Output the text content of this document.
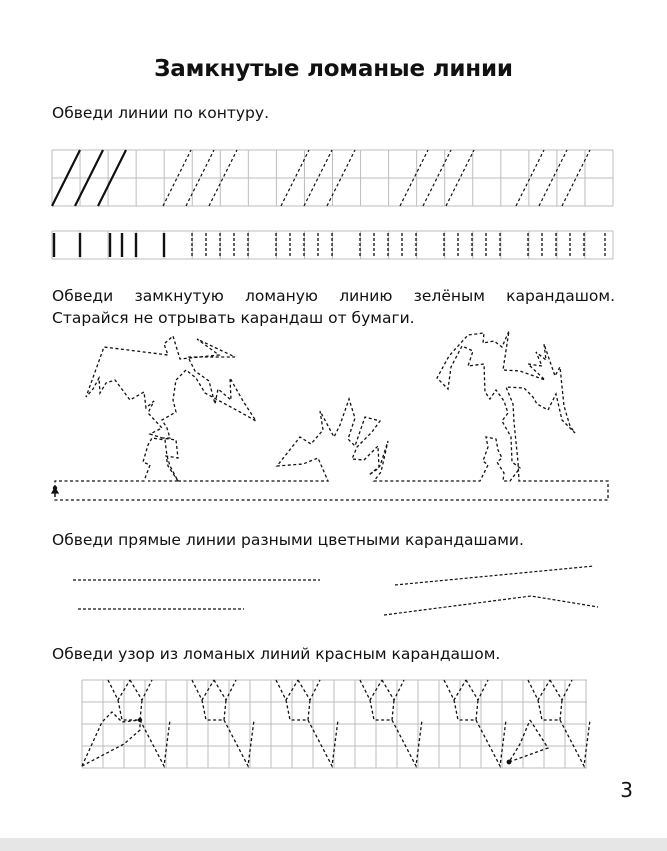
Замкнутые ломаные линии
Обведи линии по контуру.
Обведи замкнутую ломаную линию зелёным карандашом. Старайся не отрывать карандаш от бумаги.
Обведи прямые линии разными цветными карандашами.
Обведи узор из ломаных линий красным карандашом.
3
